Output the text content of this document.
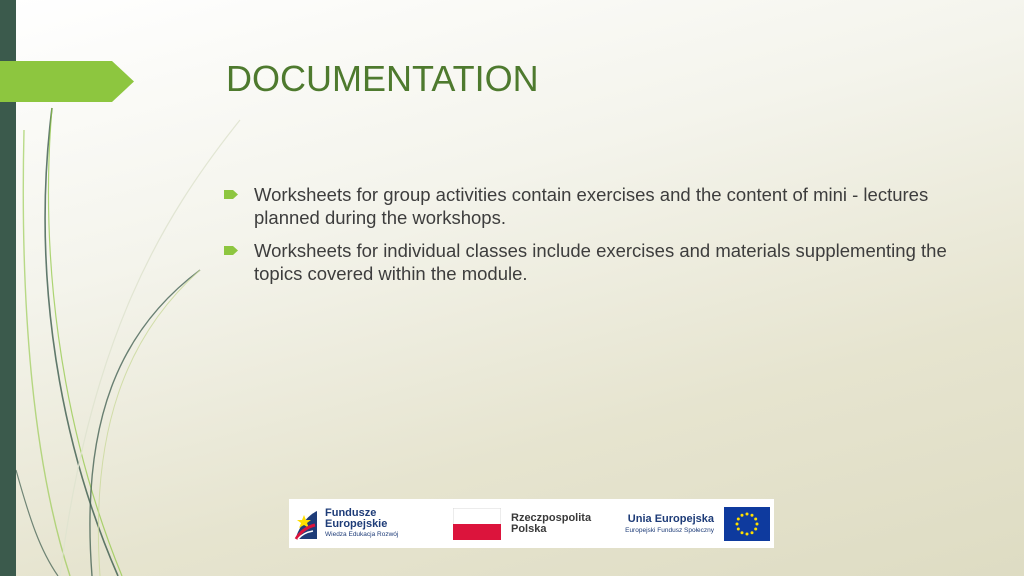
DOCUMENTATION
Worksheets for group activities contain exercises and the content of mini - lectures planned during the workshops.
Worksheets for individual classes include exercises and materials supplementing the topics covered within the module.
Fundusze
Europejskie
Wiedza Edukacja Rozwój
Rzeczpospolita
Polska
Unia Europejska
Europejski Fundusz Społeczny
